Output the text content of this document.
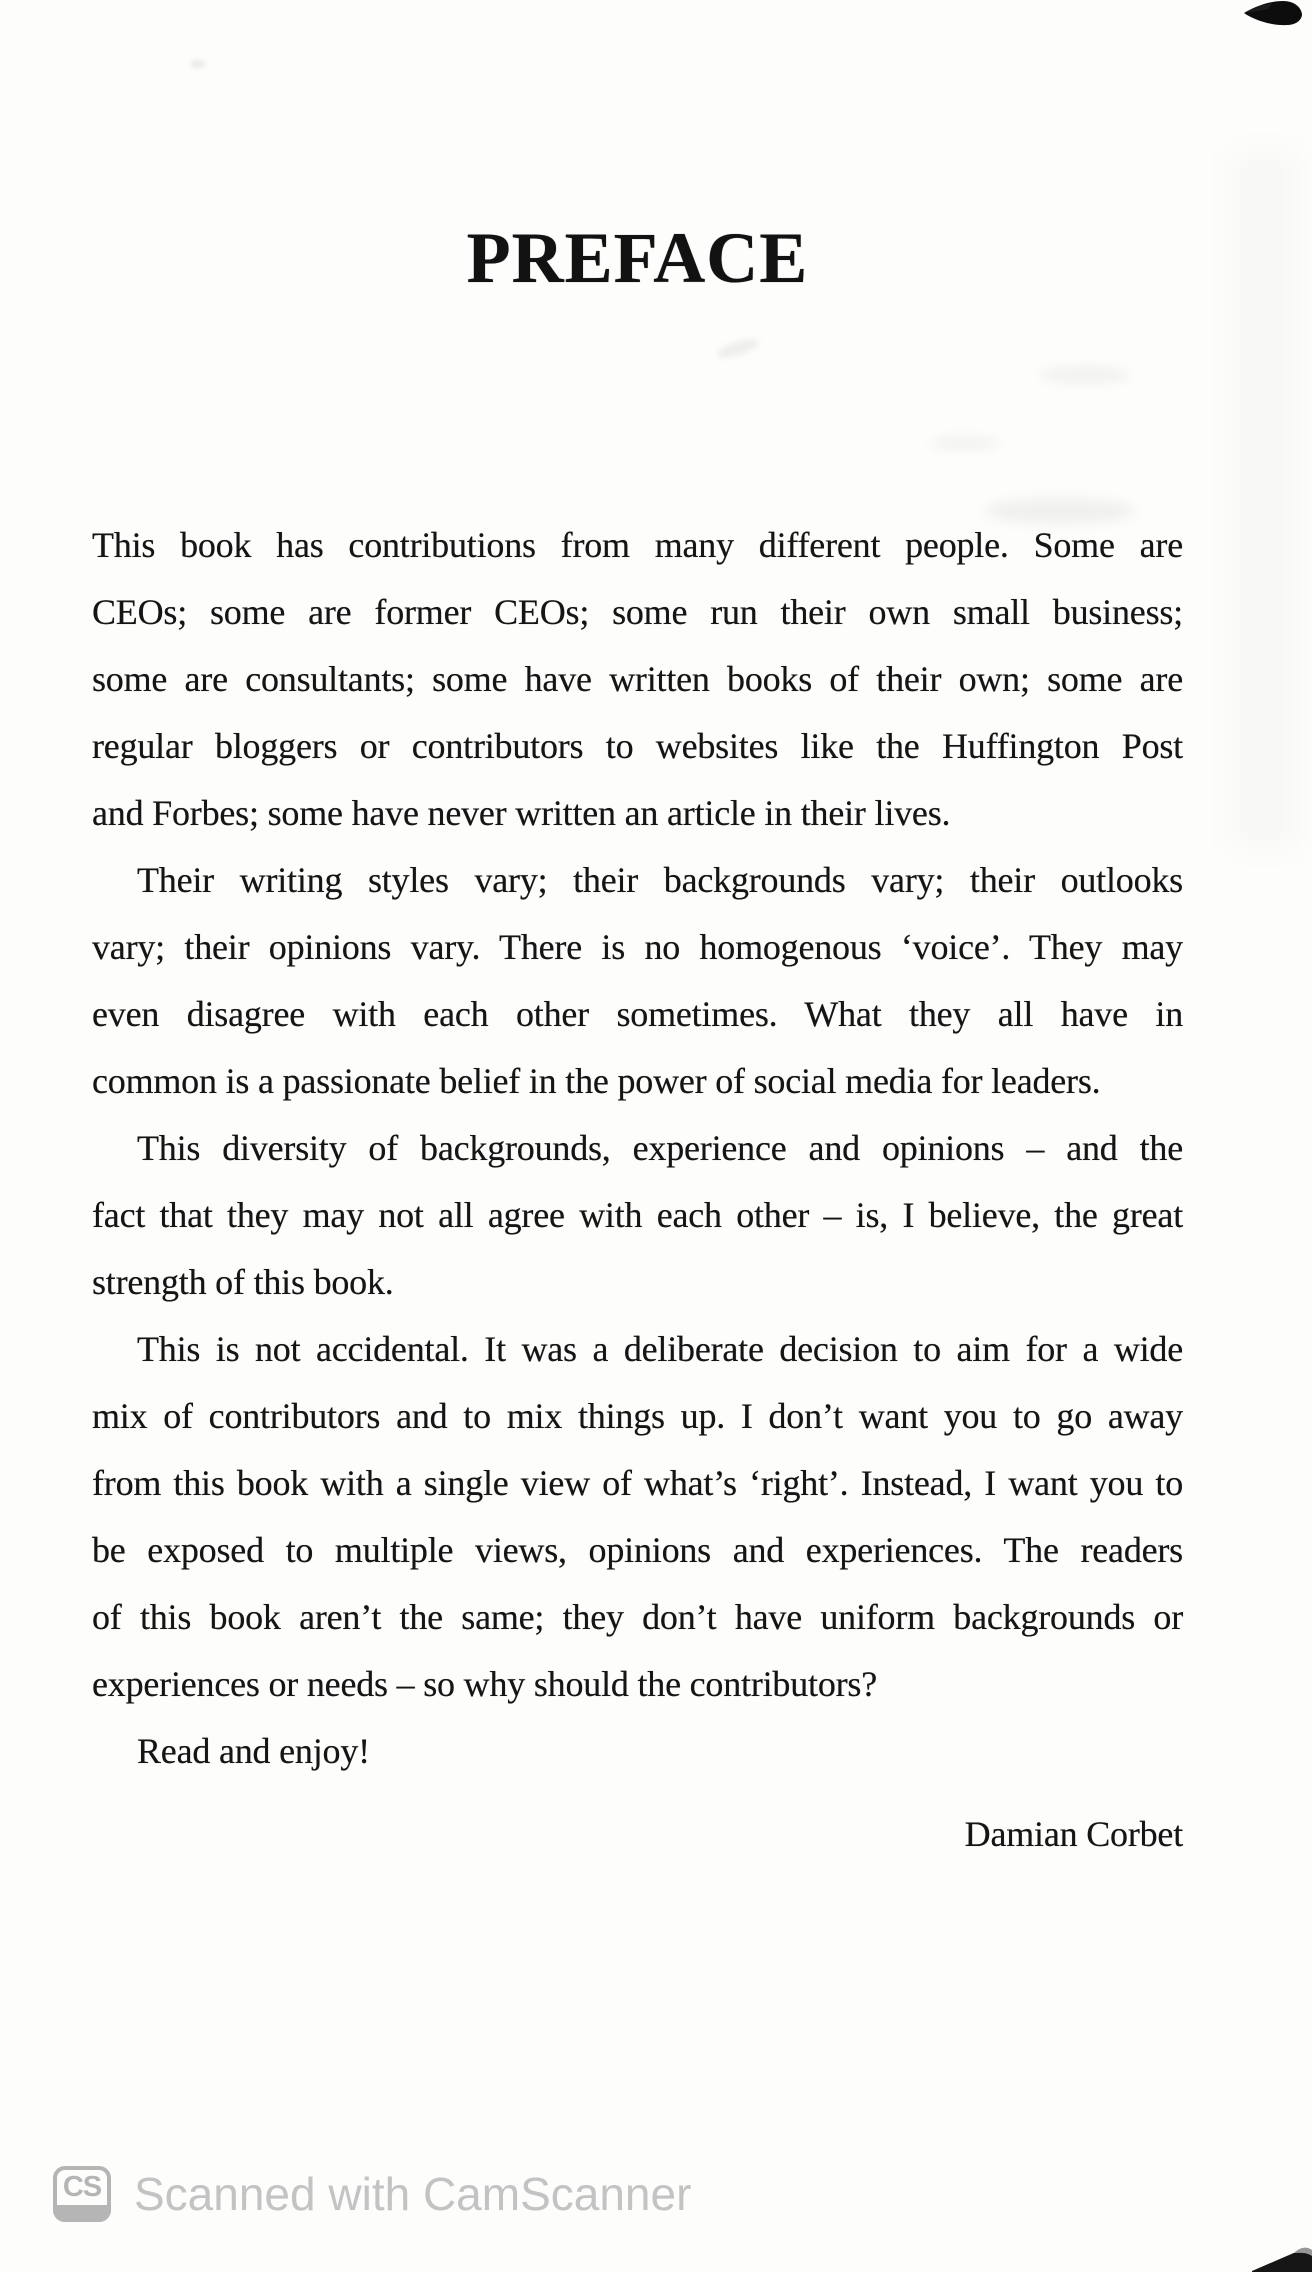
PREFACE
This book has contributions from many different people. Some are
CEOs; some are former CEOs; some run their own small business;
some are consultants; some have written books of their own; some are
regular bloggers or contributors to websites like the Huffington Post
and Forbes; some have never written an article in their lives.
Their writing styles vary; their backgrounds vary; their outlooks
vary; their opinions vary. There is no homogenous ‘voice’. They may
even disagree with each other sometimes. What they all have in
common is a passionate belief in the power of social media for leaders.
This diversity of backgrounds, experience and opinions – and the
fact that they may not all agree with each other – is, I believe, the great
strength of this book.
This is not accidental. It was a deliberate decision to aim for a wide
mix of contributors and to mix things up. I don’t want you to go away
from this book with a single view of what’s ‘right’. Instead, I want you to
be exposed to multiple views, opinions and experiences. The readers
of this book aren’t the same; they don’t have uniform backgrounds or
experiences or needs – so why should the contributors?
Read and enjoy!
Damian Corbet
CS Scanned with CamScanner
